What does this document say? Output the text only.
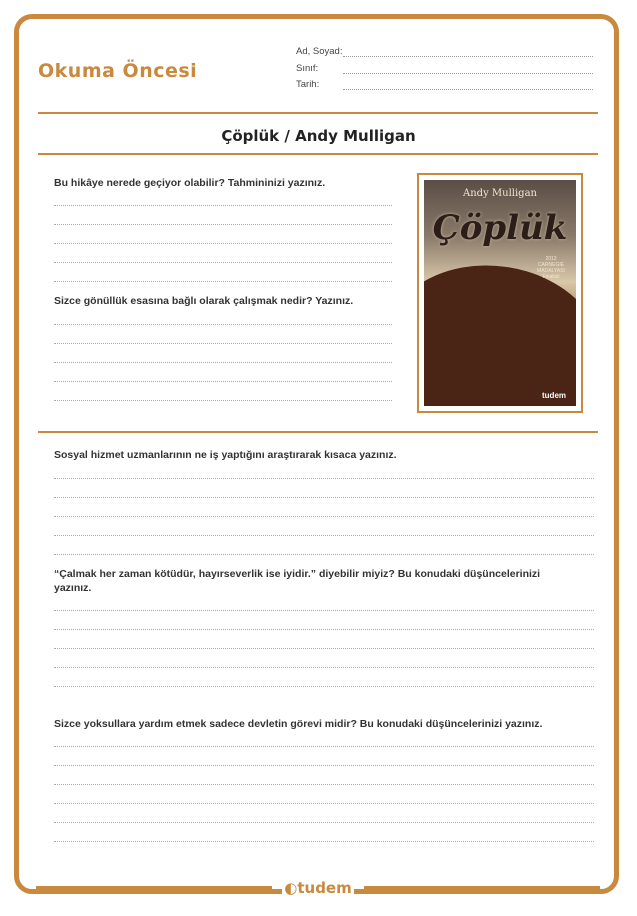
Okuma Öncesi
Ad, Soyad:
Sınıf:
Tarih:
Çöplük / Andy Mulligan
Bu hikâye nerede geçiyor olabilir? Tahmininizi yazınız.
Sizce gönüllük esasına bağlı olarak çalışmak nedir? Yazınız.
Andy Mulligan
Çöplük
2012 CARNEGIE MADALYASI Finalisti
tudem
Sosyal hizmet uzmanlarının ne iş yaptığını araştırarak kısaca yazınız.
“Çalmak her zaman kötüdür, hayırseverlik ise iyidir.” diyebilir miyiz? Bu konudaki düşüncelerinizi yazınız.
Sizce yoksullara yardım etmek sadece devletin görevi midir? Bu konudaki düşüncelerinizi yazınız.
◐tudem
